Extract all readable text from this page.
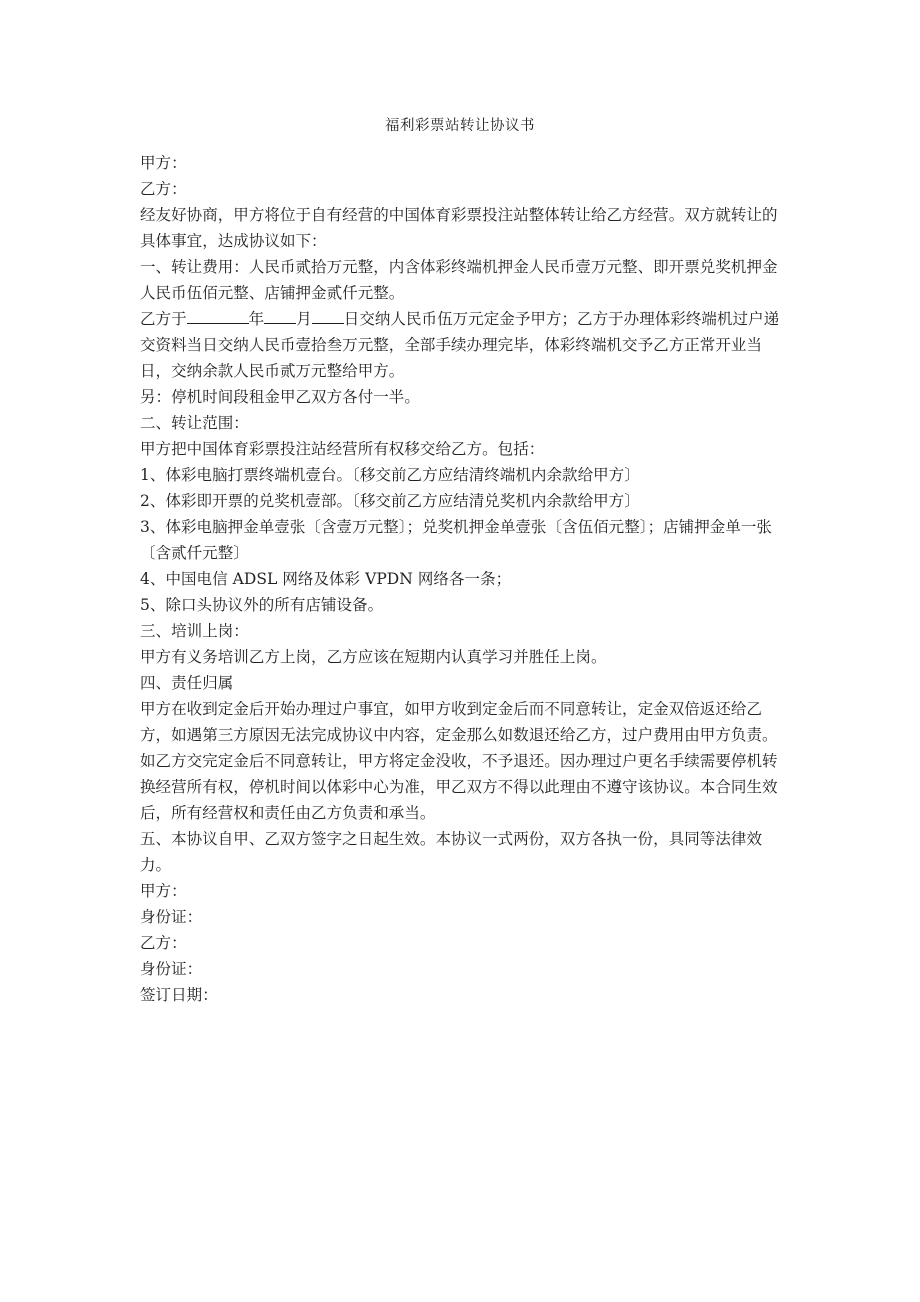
福利彩票站转让协议书

甲方：

乙方：

经友好协商，甲方将位于自有经营的中国体育彩票投注站整体转让给乙方经营。双方就转让的具体事宜，达成协议如下：

一、转让费用：人民币贰拾万元整，内含体彩终端机押金人民币壹万元整、即开票兑奖机押金人民币伍佰元整、店铺押金贰仟元整。

乙方于	年 月 日交纳人民币伍万元定金予甲方；乙方于办理体彩终端机过户递交资料当日交纳人民币壹拾叁万元整，全部手续办理完毕，体彩终端机交予乙方正常开业当日，交纳余款人民币贰万元整给甲方。

另：停机时间段租金甲乙双方各付一半。

二、转让范围：

甲方把中国体育彩票投注站经营所有权移交给乙方。包括：

1、体彩电脑打票终端机壹台。〔移交前乙方应结清终端机内余款给甲方〕

2、体彩即开票的兑奖机壹部。〔移交前乙方应结清兑奖机内余款给甲方〕

3、体彩电脑押金单壹张〔含壹万元整〕；兑奖机押金单壹张〔含伍佰元整〕；店铺押金单一张〔含贰仟元整〕

4、中国电信 ADSL 网络及体彩 VPDN 网络各一条；

5、除口头协议外的所有店铺设备。

三、培训上岗：

甲方有义务培训乙方上岗，乙方应该在短期内认真学习并胜任上岗。

四、责任归属

甲方在收到定金后开始办理过户事宜，如甲方收到定金后而不同意转让，定金双倍返还给乙方，如遇第三方原因无法完成协议中内容，定金那么如数退还给乙方，过户费用由甲方负责。如乙方交完定金后不同意转让，甲方将定金没收，不予退还。因办理过户更名手续需要停机转换经营所有权，停机时间以体彩中心为准，甲乙双方不得以此理由不遵守该协议。本合同生效后，所有经营权和责任由乙方负责和承当。

五、本协议自甲、乙双方签字之日起生效。本协议一式两份，双方各执一份，具同等法律效力。

甲方：

身份证：

乙方：

身份证：

签订日期：
